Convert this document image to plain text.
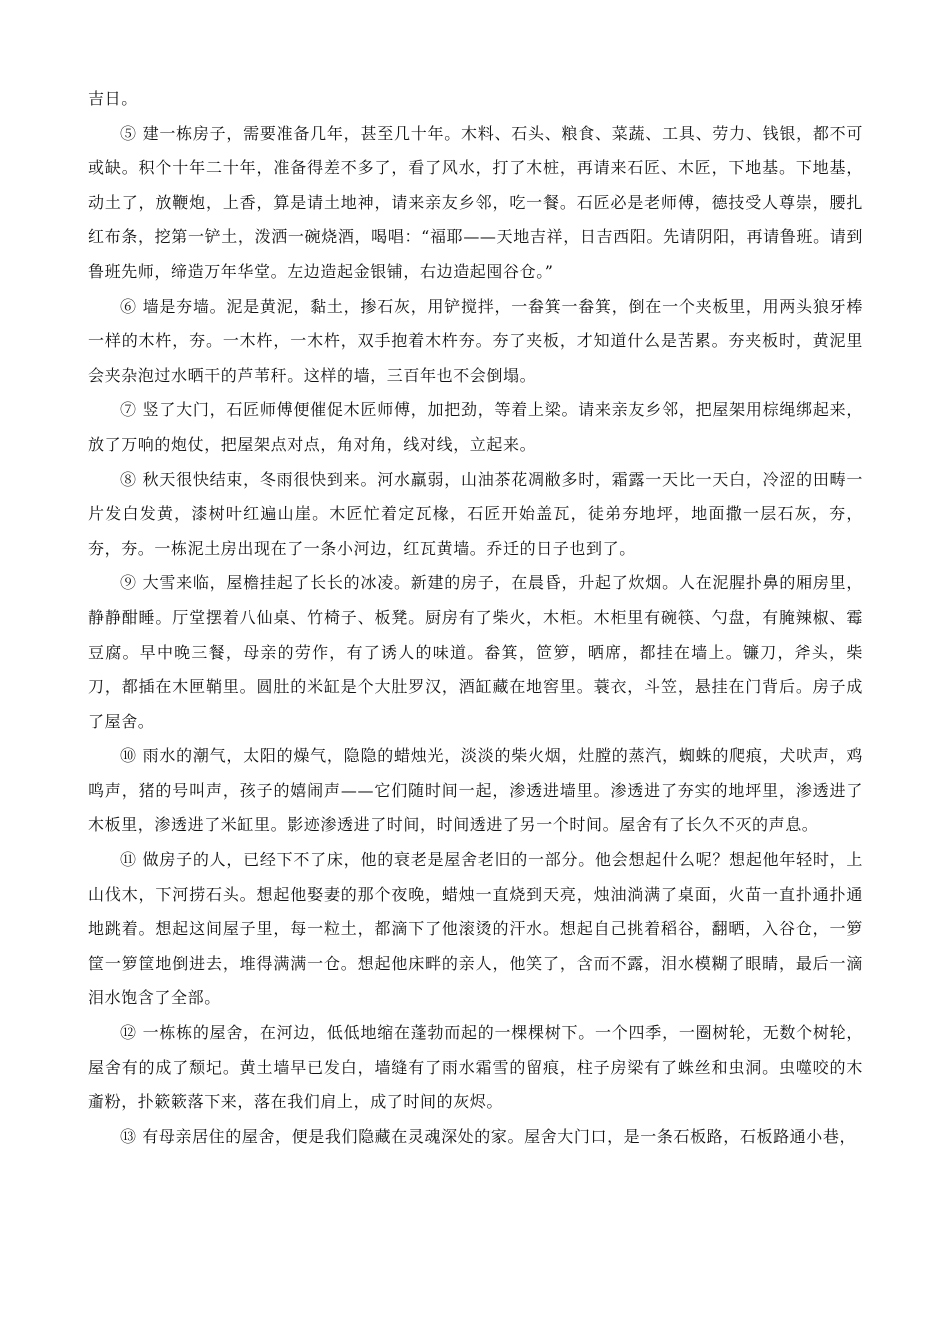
吉日。

⑤ 建一栋房子，需要准备几年，甚至几十年。木料、石头、粮食、菜蔬、工具、劳力、钱银，都不可或缺。积个十年二十年，准备得差不多了，看了风水，打了木桩，再请来石匠、木匠，下地基。下地基，动土了，放鞭炮，上香，算是请土地神，请来亲友乡邻，吃一餐。石匠必是老师傅，德技受人尊崇，腰扎红布条，挖第一铲土，泼洒一碗烧酒，喝唱：“福耶——天地吉祥，日吉西阳。先请阴阳，再请鲁班。请到鲁班先师，缔造万年华堂。左边造起金银铺，右边造起囤谷仓。”

⑥ 墙是夯墙。泥是黄泥，黏土，掺石灰，用铲搅拌，一畚箕一畚箕，倒在一个夹板里，用两头狼牙棒一样的木杵，夯。一木杵，一木杵，双手抱着木杵夯。夯了夹板，才知道什么是苦累。夯夹板时，黄泥里会夹杂泡过水晒干的芦苇秆。这样的墙，三百年也不会倒塌。

⑦ 竖了大门，石匠师傅便催促木匠师傅，加把劲，等着上梁。请来亲友乡邻，把屋架用棕绳绑起来，放了万响的炮仗，把屋架点对点，角对角，线对线，立起来。

⑧ 秋天很快结束，冬雨很快到来。河水羸弱，山油茶花凋敝多时，霜露一天比一天白，冷涩的田畴一片发白发黄，漆树叶红遍山崖。木匠忙着定瓦椽，石匠开始盖瓦，徒弟夯地坪，地面撒一层石灰，夯，夯，夯。一栋泥土房出现在了一条小河边，红瓦黄墙。乔迁的日子也到了。

⑨ 大雪来临，屋檐挂起了长长的冰凌。新建的房子，在晨昏，升起了炊烟。人在泥腥扑鼻的厢房里，静静酣睡。厅堂摆着八仙桌、竹椅子、板凳。厨房有了柴火，木柜。木柜里有碗筷、勺盘，有腌辣椒、霉豆腐。早中晚三餐，母亲的劳作，有了诱人的味道。畚箕，笸箩，晒席，都挂在墙上。镰刀，斧头，柴刀，都插在木匣鞘里。圆肚的米缸是个大肚罗汉，酒缸藏在地窖里。蓑衣，斗笠，悬挂在门背后。房子成了屋舍。

⑩ 雨水的潮气，太阳的燥气，隐隐的蜡烛光，淡淡的柴火烟，灶膛的蒸汽，蜘蛛的爬痕，犬吠声，鸡鸣声，猪的号叫声，孩子的嬉闹声——它们随时间一起，渗透进墙里。渗透进了夯实的地坪里，渗透进了木板里，渗透进了米缸里。影迹渗透进了时间，时间透进了另一个时间。屋舍有了长久不灭的声息。

⑪ 做房子的人，已经下不了床，他的衰老是屋舍老旧的一部分。他会想起什么呢？想起他年轻时，上山伐木，下河捞石头。想起他娶妻的那个夜晚，蜡烛一直烧到天亮，烛油淌满了桌面，火苗一直扑通扑通地跳着。想起这间屋子里，每一粒土，都滴下了他滚烫的汗水。想起自己挑着稻谷，翻晒，入谷仓，一箩筐一箩筐地倒进去，堆得满满一仓。想起他床畔的亲人，他笑了，含而不露，泪水模糊了眼睛，最后一滴泪水饱含了全部。

⑫ 一栋栋的屋舍，在河边，低低地缩在蓬勃而起的一棵棵树下。一个四季，一圈树轮，无数个树轮，屋舍有的成了颓圮。黄土墙早已发白，墙缝有了雨水霜雪的留痕，柱子房梁有了蛛丝和虫洞。虫噬咬的木齑粉，扑簌簌落下来，落在我们肩上，成了时间的灰烬。

⑬ 有母亲居住的屋舍，便是我们隐藏在灵魂深处的家。屋舍大门口，是一条石板路，石板路通小巷，
